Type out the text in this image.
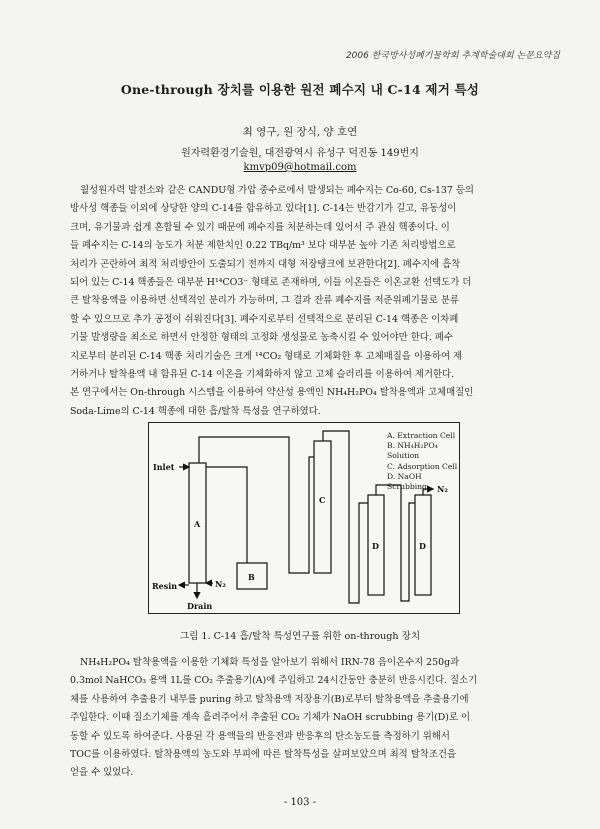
2006 한국방사성폐기물학회 추계학술대회 논문요약집
One-through 장치를 이용한 원전 폐수지 내 C-14 제거 특성
최 영구, 원 장식, 양 호연
원자력환경기술원, 대전광역시 유성구 덕진동 149번지
kmvp09@hotmail.com
월성원자력 발전소와 같은 CANDU형 가압 중수로에서 발생되는 폐수지는 Co-60, Cs-137 등의
방사성 핵종들 이외에 상당한 양의 C-14를 함유하고 있다[1]. C-14는 반감기가 길고, 유동성이
크며, 유기물과 쉽게 혼합될 수 있기 때문에 폐수지를 처분하는데 있어서 주 관심 핵종이다. 이
들 폐수지는 C-14의 농도가 처분 제한치인 0.22 TBq/m³ 보다 대부분 높아 기존 처리방법으로
처리가 곤란하여 최적 처리방안이 도출되기 전까지 대형 저장탱크에 보관한다[2]. 폐수지에 흡착
되어 있는 C-14 핵종들은 대부분 H¹⁴CO3⁻ 형태로 존재하며, 이들 이온들은 이온교환 선택도가 더
큰 탈착용액을 이용하면 선택적인 분리가 가능하며, 그 결과 잔류 폐수지를 저준위폐기물로 분류
할 수 있으므로 추가 공정이 쉬워진다[3]. 폐수지로부터 선택적으로 분리된 C-14 핵종은 이차폐
기물 발생량을 최소로 하면서 안정한 형태의 고정화 생성물로 농축시킬 수 있어야만 한다. 폐수
지로부터 분리된 C-14 핵종 처리기술은 크게 ¹⁴CO₂ 형태로 기체화한 후 고체매질을 이용하여 제
거하거나 탈착용액 내 함유된 C-14 이온을 기체화하지 않고 고체 슬러리를 이용하여 제거한다.
본 연구에서는 On-through 시스템을 이용하여 약산성 용액인 NH₄H₂PO₄ 탈착용액과 고체매질인
Soda-Lime의 C-14 핵종에 대한 흡/탈착 특성을 연구하였다.
Inlet
Resin	N₂
Drain
N₂
A
B
C
D	D
A. Extraction Cell
B. NH₄H₂PO₄ Solution
C. Adsorption Cell
D. NaOH Scrubbing
그림 1. C-14 흡/탈착 특성연구를 위한 on-through 장치
NH₄H₂PO₄ 탈착용액을 이용한 기체화 특성을 알아보기 위해서 IRN-78 음이온수지 250g과
0.3mol NaHCO₃ 용액 1L를 CO₂ 추출용기(A)에 주입하고 24시간동안 충분히 반응시킨다. 질소기
체를 사용하여 추출용기 내부를 puring 하고 탈착용액 저장용기(B)로부터 탈착용액을 추출용기에
주입한다. 이때 질소기체를 계속 흘려주어서 추출된 CO₂ 기체가 NaOH scrubbing 용기(D)로 이
동할 수 있도록 하여준다. 사용된 각 용액들의 반응전과 반응후의 탄소농도를 측정하기 위해서
TOC를 이용하였다. 탈착용액의 농도와 부피에 따른 탈착특성을 살펴보았으며 최적 탈착조건을
얻을 수 있었다.
- 103 -
